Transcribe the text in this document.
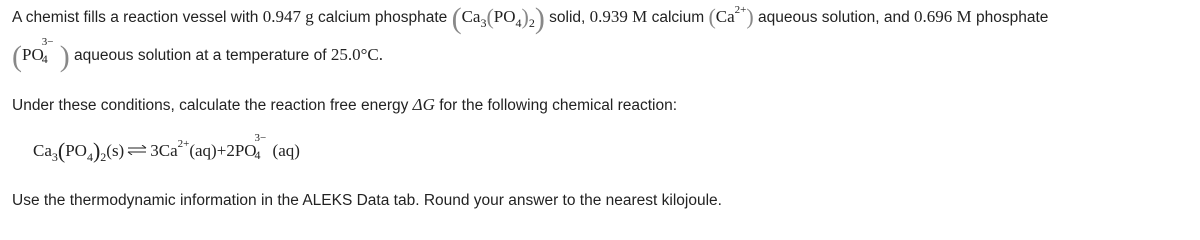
A chemist fills a reaction vessel with 0.947 g calcium phosphate $(Ca_3(PO_4)_2)$ solid, 0.939 M calcium $(Ca^{2+})$ aqueous solution, and 0.696 M phosphate
(PO
4
3− ) aqueous solution at a temperature of 25.0°C.
Under these conditions, calculate the reaction free energy ΔG for the following chemical reaction:
$Ca_3(PO_4)_2(s)$ ⇌ $3Ca^{2+}(aq)+2PO$
4
3−
(aq)
Use the thermodynamic information in the ALEKS Data tab. Round your answer to the nearest kilojoule.
